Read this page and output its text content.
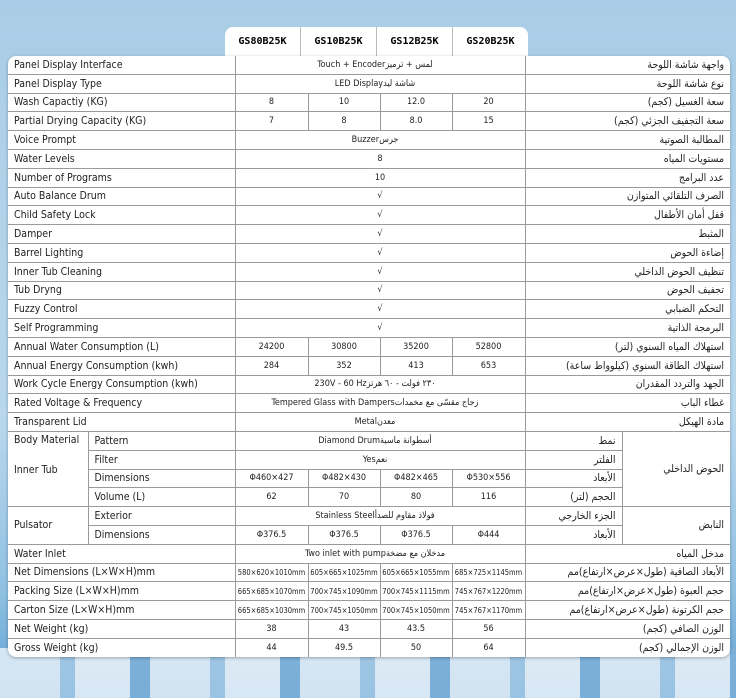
GS80B25K	GS10B25K	GS12B25K	GS20B25K
Panel Display Interface		Touch + Encoderلمس + ترميز				واجهة شاشة اللوحة	
Panel Display Type		LED Displayشاشة ليد				نوع شاشة اللوحة	
Wash Capactiy (KG)		8	10	12.0	20	سعة الغسيل (كجم)	
Partial Drying Capacity (KG)		7	8	8.0	15	سعة التجفيف الجزئي (كجم)	
Voice Prompt		Buzzerجرس				المطالبة الصوتية	
Water Levels		8				مستويات المياه	
Number of Programs		10				عدد البرامج	
Auto Balance Drum		√				الصرف التلقائي المتوازن	
Child Safety Lock		√				قفل أمان الأطفال	
Damper		√				المثبط	
Barrel Lighting		√				إضاءة الحوض	
Inner Tub Cleaning		√				تنظيف الحوض الداخلي	
Tub Dryng		√				تجفيف الحوض	
Fuzzy Control		√				التحكم الضبابي	
Self Programming		√				البرمجة الذاتية	
Annual Water Consumption (L)		24200	30800	35200	52800	استهلاك المياه السنوي (لتر)	
Annual Energy Consumption (kwh)		284	352	413	653	استهلاك الطاقة السنوي (كيلوواط ساعة)	
Work Cycle Energy Consumption (kwh)		230V - 60 Hz٢٣٠ فولت - ٦٠ هرتز				الجهد والتردد المقدران	
Rated Voltage & Frequency		Tempered Glass with Dampersزجاج مقسّى مع مخمدات				غطاء الباب	
Transparent Lid		Metalمعدن				مادة الهيكل	

Body Material
Inner Tub	Pattern	Diamond Drumأسطوانة ماسية				نمط	الحوض الداخلي
	Filter	Yesنعم				الفلتر	
	Dimensions	Φ460×427	Φ482×430	Φ482×465	Φ530×556	الأبعاد	
	Volume (L)	62	70	80	116	الحجم (لتر)	
Pulsator	Exterior	Stainless Steelفولاذ مقاوم للصدأ				الجزء الخارجي	النابض
	Dimensions	Φ376.5	Φ376.5	Φ376.5	Φ444	الأبعاد	
Water Inlet		Two inlet with pumpمدخلان مع مضخة				مدخل المياه	
Net Dimensions (L×W×H)mm		580×620×1010mm	605×665×1025mm	605×665×1055mm	685×725×1145mm	الأبعاد الصافية (طول×عرض×ارتفاع)مم	
Packing Size (L×W×H)mm		665×685×1070mm	700×745×1090mm	700×745×1115mm	745×767×1220mm	حجم العبوة (طول×عرض×ارتفاع)مم	
Carton Size (L×W×H)mm		665×685×1030mm	700×745×1050mm	700×745×1050mm	745×767×1170mm	حجم الكرتونة (طول×عرض×ارتفاع)مم	
Net Weight (kg)		38	43	43.5	56	الوزن الصافي (كجم)	
Gross Weight (kg)		44	49.5	50	64	الوزن الإجمالي (كجم)	
